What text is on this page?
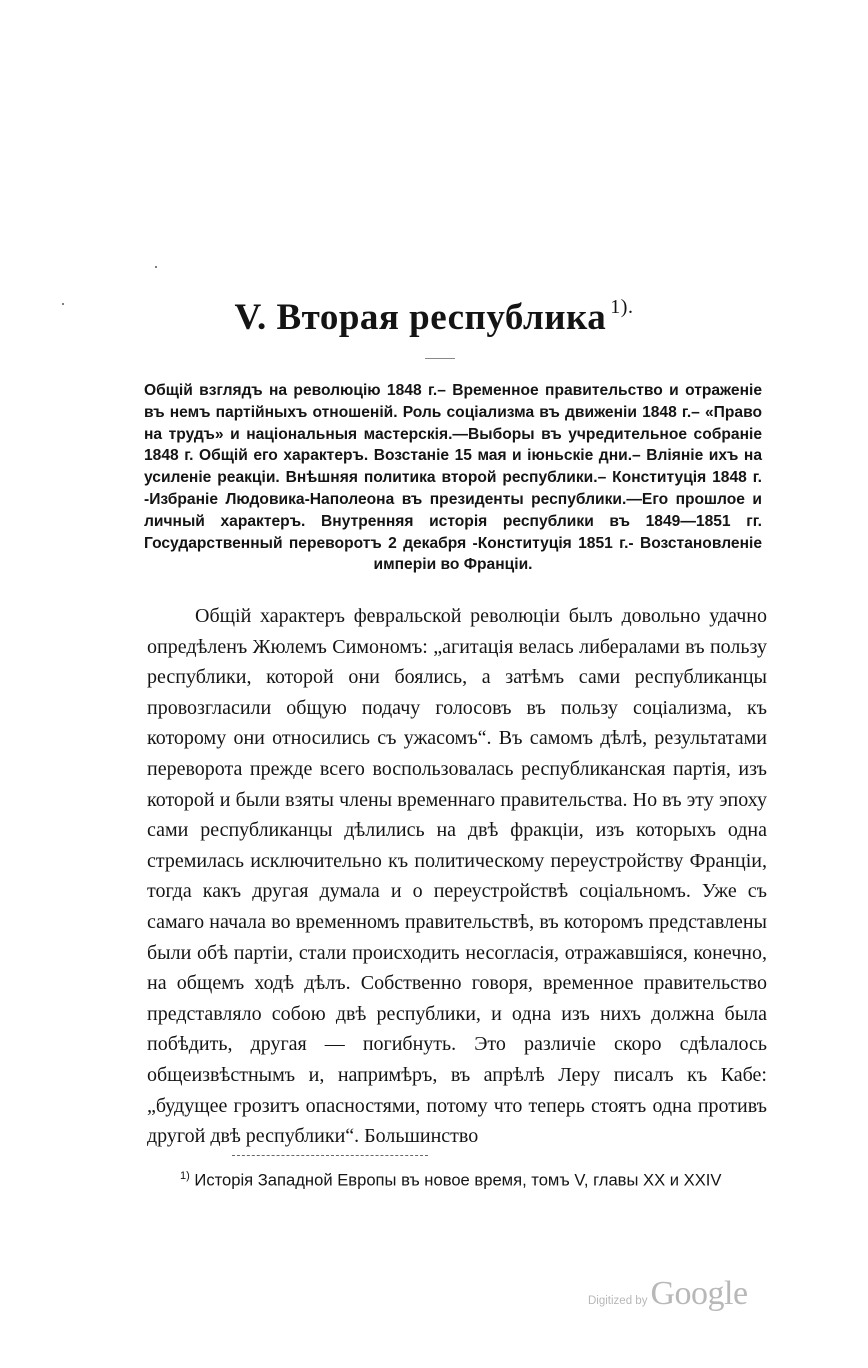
V. Вторая республика $^{1).}$
Общій взглядъ на революцію 1848 г.– Временное правительство и отраженіе въ немъ партійныхъ отношеній. Роль соціализма въ движеніи 1848 г.– «Право на трудъ» и національныя мастерскія.—Выборы въ учредительное собраніе 1848 г. Общій его характеръ. Возстаніе 15 мая и іюньскіе дни.– Вліяніе ихъ на усиленіе реакціи. Внѣшняя политика второй республики.– Конституція 1848 г. -Избраніе Людовика-Наполеона въ президенты республики.—Его прошлое и личный характеръ. Внутренняя исторія республики въ 1849—1851 гг. Государственный переворотъ 2 декабря -Конституція 1851 г.- Возстановленіе имперіи во Франціи.

Общій характеръ февральской революціи былъ довольно удачно опредѣленъ Жюлемъ Симономъ: „агитація велась либералами въ пользу республики, которой они боялись, а затѣмъ сами республиканцы провозгласили общую подачу голосовъ въ пользу соціализма, къ которому они относились съ ужасомъ“. Въ самомъ дѣлѣ, результатами переворота прежде всего воспользовалась республиканская партія, изъ которой и были взяты члены временнаго правительства. Но въ эту эпоху сами республиканцы дѣлились на двѣ фракціи, изъ которыхъ одна стремилась исключительно къ политическому переустройству Франціи, тогда какъ другая думала и о переустройствѣ соціальномъ. Уже съ самаго начала во временномъ правительствѣ, въ которомъ представлены были обѣ партіи, стали происходить несогласія, отражавшіяся, конечно, на общемъ ходѣ дѣлъ. Собственно говоря, временное правительство представляло собою двѣ республики, и одна изъ нихъ должна была побѣдить, другая — погибнуть. Это различіе скоро сдѣлалось общеизвѣстнымъ и, напримѣръ, въ апрѣлѣ Леру писалъ къ Кабе: „будущее грозитъ опасностями, потому что теперь стоятъ одна противъ другой двѣ республики“. Большинство

$^{1)}$ Исторія Западной Европы въ новое время, томъ V, главы XX и XXIV
Digitized by Google
